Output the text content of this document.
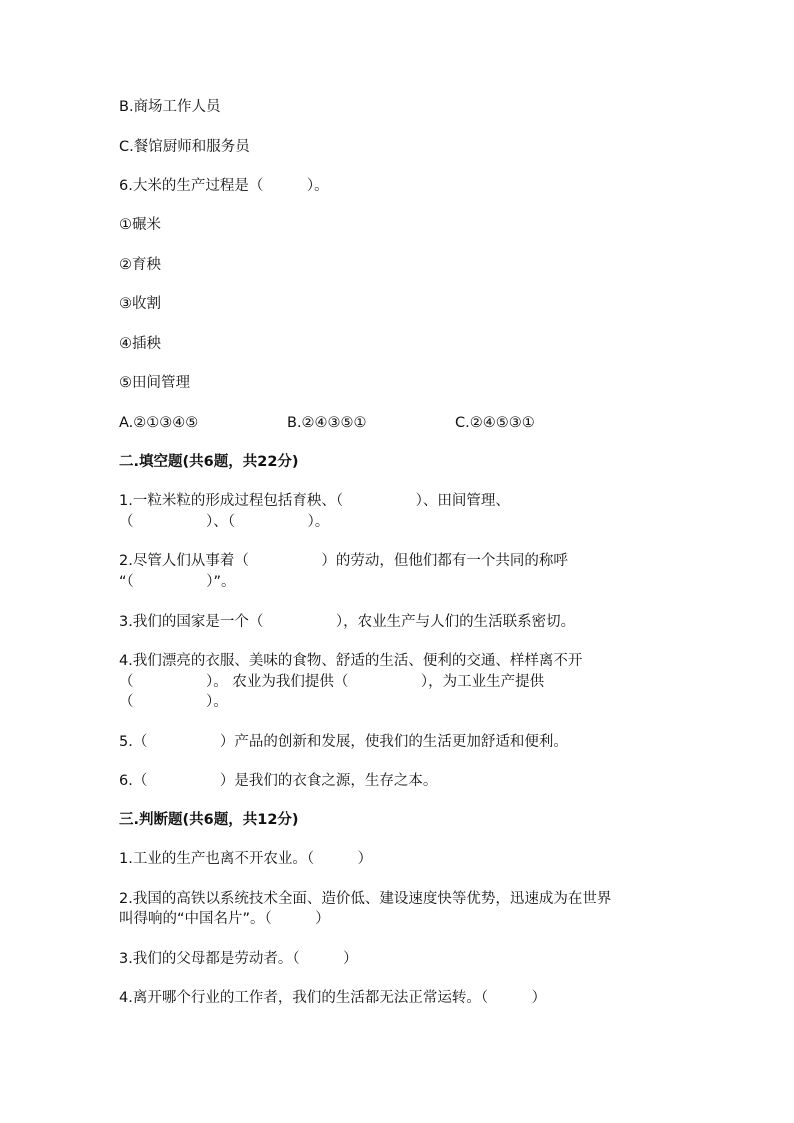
B.商场工作人员
C.餐馆厨师和服务员
6.大米的生产过程是（　　　）。
①碾米
②育秧
③收割
④插秧
⑤田间管理
A.②①③④⑤	B.②④③⑤①	C.②④⑤③①
二.填空题(共6题，共22分)
1.一粒米粒的形成过程包括育秧、（　　　　　）、田间管理、
（　　　　　）、（　　　　　）。
2.尽管人们从事着（　　　　　）的劳动，但他们都有一个共同的称呼
“（　　　　　）”。
3.我们的国家是一个（　　　　　），农业生产与人们的生活联系密切。
4.我们漂亮的衣服、美味的食物、舒适的生活、便利的交通、样样离不开
（　　　　　）。 农业为我们提供（　　　　　），为工业生产提供
（　　　　　）。
5.（　　　　　）产品的创新和发展，使我们的生活更加舒适和便利。
6.（　　　　　）是我们的衣食之源，生存之本。
三.判断题(共6题，共12分)
1.工业的生产也离不开农业。（　　　）
2.我国的高铁以系统技术全面、造价低、建设速度快等优势，迅速成为在世界
叫得响的“中国名片”。（　　　）
3.我们的父母都是劳动者。（　　　）
4.离开哪个行业的工作者，我们的生活都无法正常运转。（　　　）
